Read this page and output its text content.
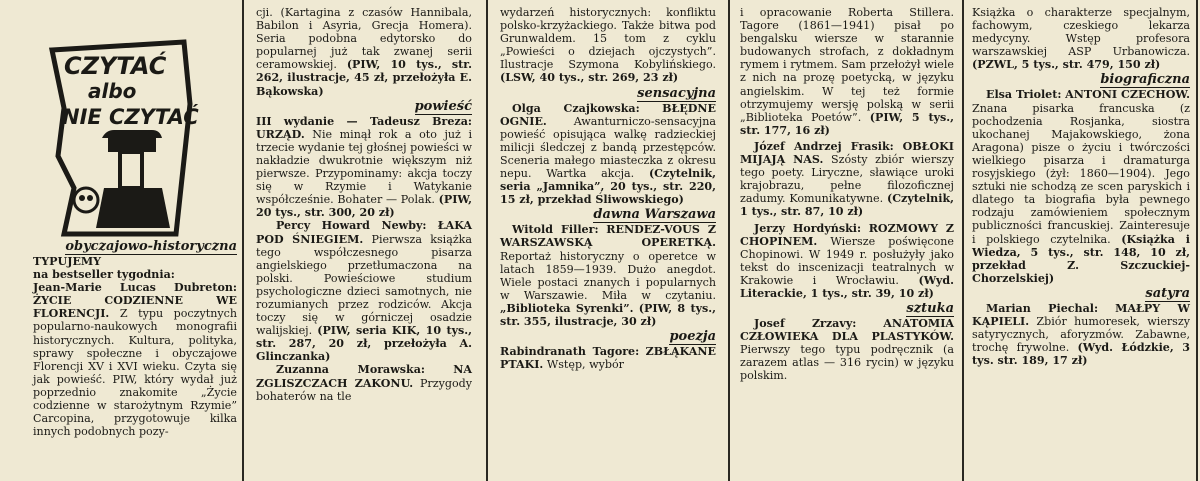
CZYTAĆ
albo
NIE CZYTAĆ
obyczajowo-historyczna

TYPUJEMY
na bestseller tygodnia:

Jean-Marie Lucas Dubreton: ŻYCIE CODZIENNE WE FLORENCJI. Z typu poczytnych popularno-naukowych monografii historycznych. Kultura, polityka, sprawy społeczne i obyczajowe Florencji XV i XVI wieku. Czyta się jak powieść. PIW, który wydał już poprzednio znakomite „Życie codzienne w starożytnym Rzymie” Carcopina, przygotowuje kilka innych podobnych pozy-

cji. (Kartagina z czasów Hannibala, Babilon i Asyria, Grecja Homera). Seria podobna edytorsko do popularnej już tak zwanej serii ceramowskiej. (PIW, 10 tys., str. 262, ilustracje, 45 zł, przełożyła E. Bąkowska)

powieść

III wydanie — Tadeusz Breza: URZĄD. Nie minął rok a oto już i trzecie wydanie tej głośnej powieści w nakładzie dwukrotnie większym niż pierwsze. Przypominamy: akcja toczy się w Rzymie i Watykanie współcześnie. Bohater — Polak. (PIW, 20 tys., str. 300, 20 zł)

Percy Howard Newby: ŁAKA POD ŚNIEGIEM. Pierwsza książka tego współczesnego pisarza angielskiego przetłumaczona na polski. Powieściowe studium psychologiczne dzieci samotnych, nie rozumianych przez rodziców. Akcja toczy się w górniczej osadzie walijskiej. (PIW, seria KIK, 10 tys., str. 287, 20 zł, przełożyła A. Glinczanka)

Zuzanna Morawska:	NA ZGLISZCZACH ZAKONU. Przygody bohaterów na tle

wydarzeń historycznych: konfliktu polsko-krzyżackiego. Także bitwa pod Grunwaldem. 15 tom z cyklu „Powieści o dziejach ojczystych”. Ilustracje Szymona Kobylińskiego. (LSW, 40 tys., str. 269, 23 zł)

sensacyjna

Olga Czajkowska: BŁĘDNE OGNIE. Awanturniczo-sensacyjna powieść opisująca walkę radzieckiej milicji śledczej z bandą przestępców. Sceneria małego miasteczka z okresu nepu. Wartka akcja. (Czytelnik, seria „Jamnika”, 20 tys., str. 220, 15 zł, przekład Śliwowskiego)

dawna Warszawa

Witold Filler: RENDEZ-VOUS Z WARSZAWSKĄ OPERETKĄ. Reportaż historyczny o operetce w latach 1859—1939. Dużo anegdot. Wiele postaci znanych i popularnych w Warszawie. Miła w czytaniu. „Biblioteka Syrenki”. (PIW, 8 tys., str. 355, ilustracje, 30 zł)

poezja

Rabindranath Tagore: ZBŁĄKANE PTAKI. Wstęp, wybór

i opracowanie Roberta Stillera. Tagore (1861—1941) pisał po bengalsku wiersze w starannie budowanych strofach, z dokładnym rymem i rytmem. Sam przełożył wiele z nich na prozę poetycką, w języku angielskim. W tej też formie otrzymujemy wersję polską w serii „Biblioteka Poetów”. (PIW, 5 tys., str. 177, 16 zł)

Józef Andrzej Frasik: OBŁOKI MIJAJĄ NAS. Szósty zbiór wierszy tego poety. Liryczne, sławiące uroki krajobrazu, pełne filozoficznej zadumy. Komunikatywne. (Czytelnik, 1 tys., str. 87, 10 zł)

Jerzy Hordyński: ROZMOWY Z CHOPINEM. Wiersze poświęcone Chopinowi. W 1949 r. posłużyły jako tekst do inscenizacji teatralnych w Krakowie i Wrocławiu. (Wyd. Literackie, 1 tys., str. 39, 10 zł)

sztuka

Josef Zrzavy: ANATOMIA CZŁOWIEKA DLA PLASTYKÓW. Pierwszy tego typu podręcznik (a zarazem atlas — 316 rycin) w języku polskim.

Książka o charakterze specjalnym, fachowym, czeskiego lekarza medycyny. Wstęp profesora warszawskiej ASP Urbanowicza. (PZWL, 5 tys., str. 479, 150 zł)

biograficzna

Elsa Triolet: ANTONI CZECHOW. Znana pisarka francuska (z pochodzenia Rosjanka, siostra ukochanej Majakowskiego, żona Aragona) pisze o życiu i twórczości wielkiego pisarza i dramaturga rosyjskiego (żył: 1860—1904). Jego sztuki nie schodzą ze scen paryskich i dlatego ta biografia była pewnego rodzaju zamówieniem społecznym publiczności francuskiej. Zainteresuje i polskiego czytelnika. (Książka i Wiedza, 5 tys., str. 148, 10 zł, przekład Z. Szczuckiej-Chorzelskiej)

satyra

Marian Piechal: MAŁPY W KĄPIELI. Zbiór humoresek, wierszy satyrycznych, aforyzmów. Zabawne, trochę frywolne. (Wyd. Łódzkie, 3 tys. str. 189, 17 zł)
